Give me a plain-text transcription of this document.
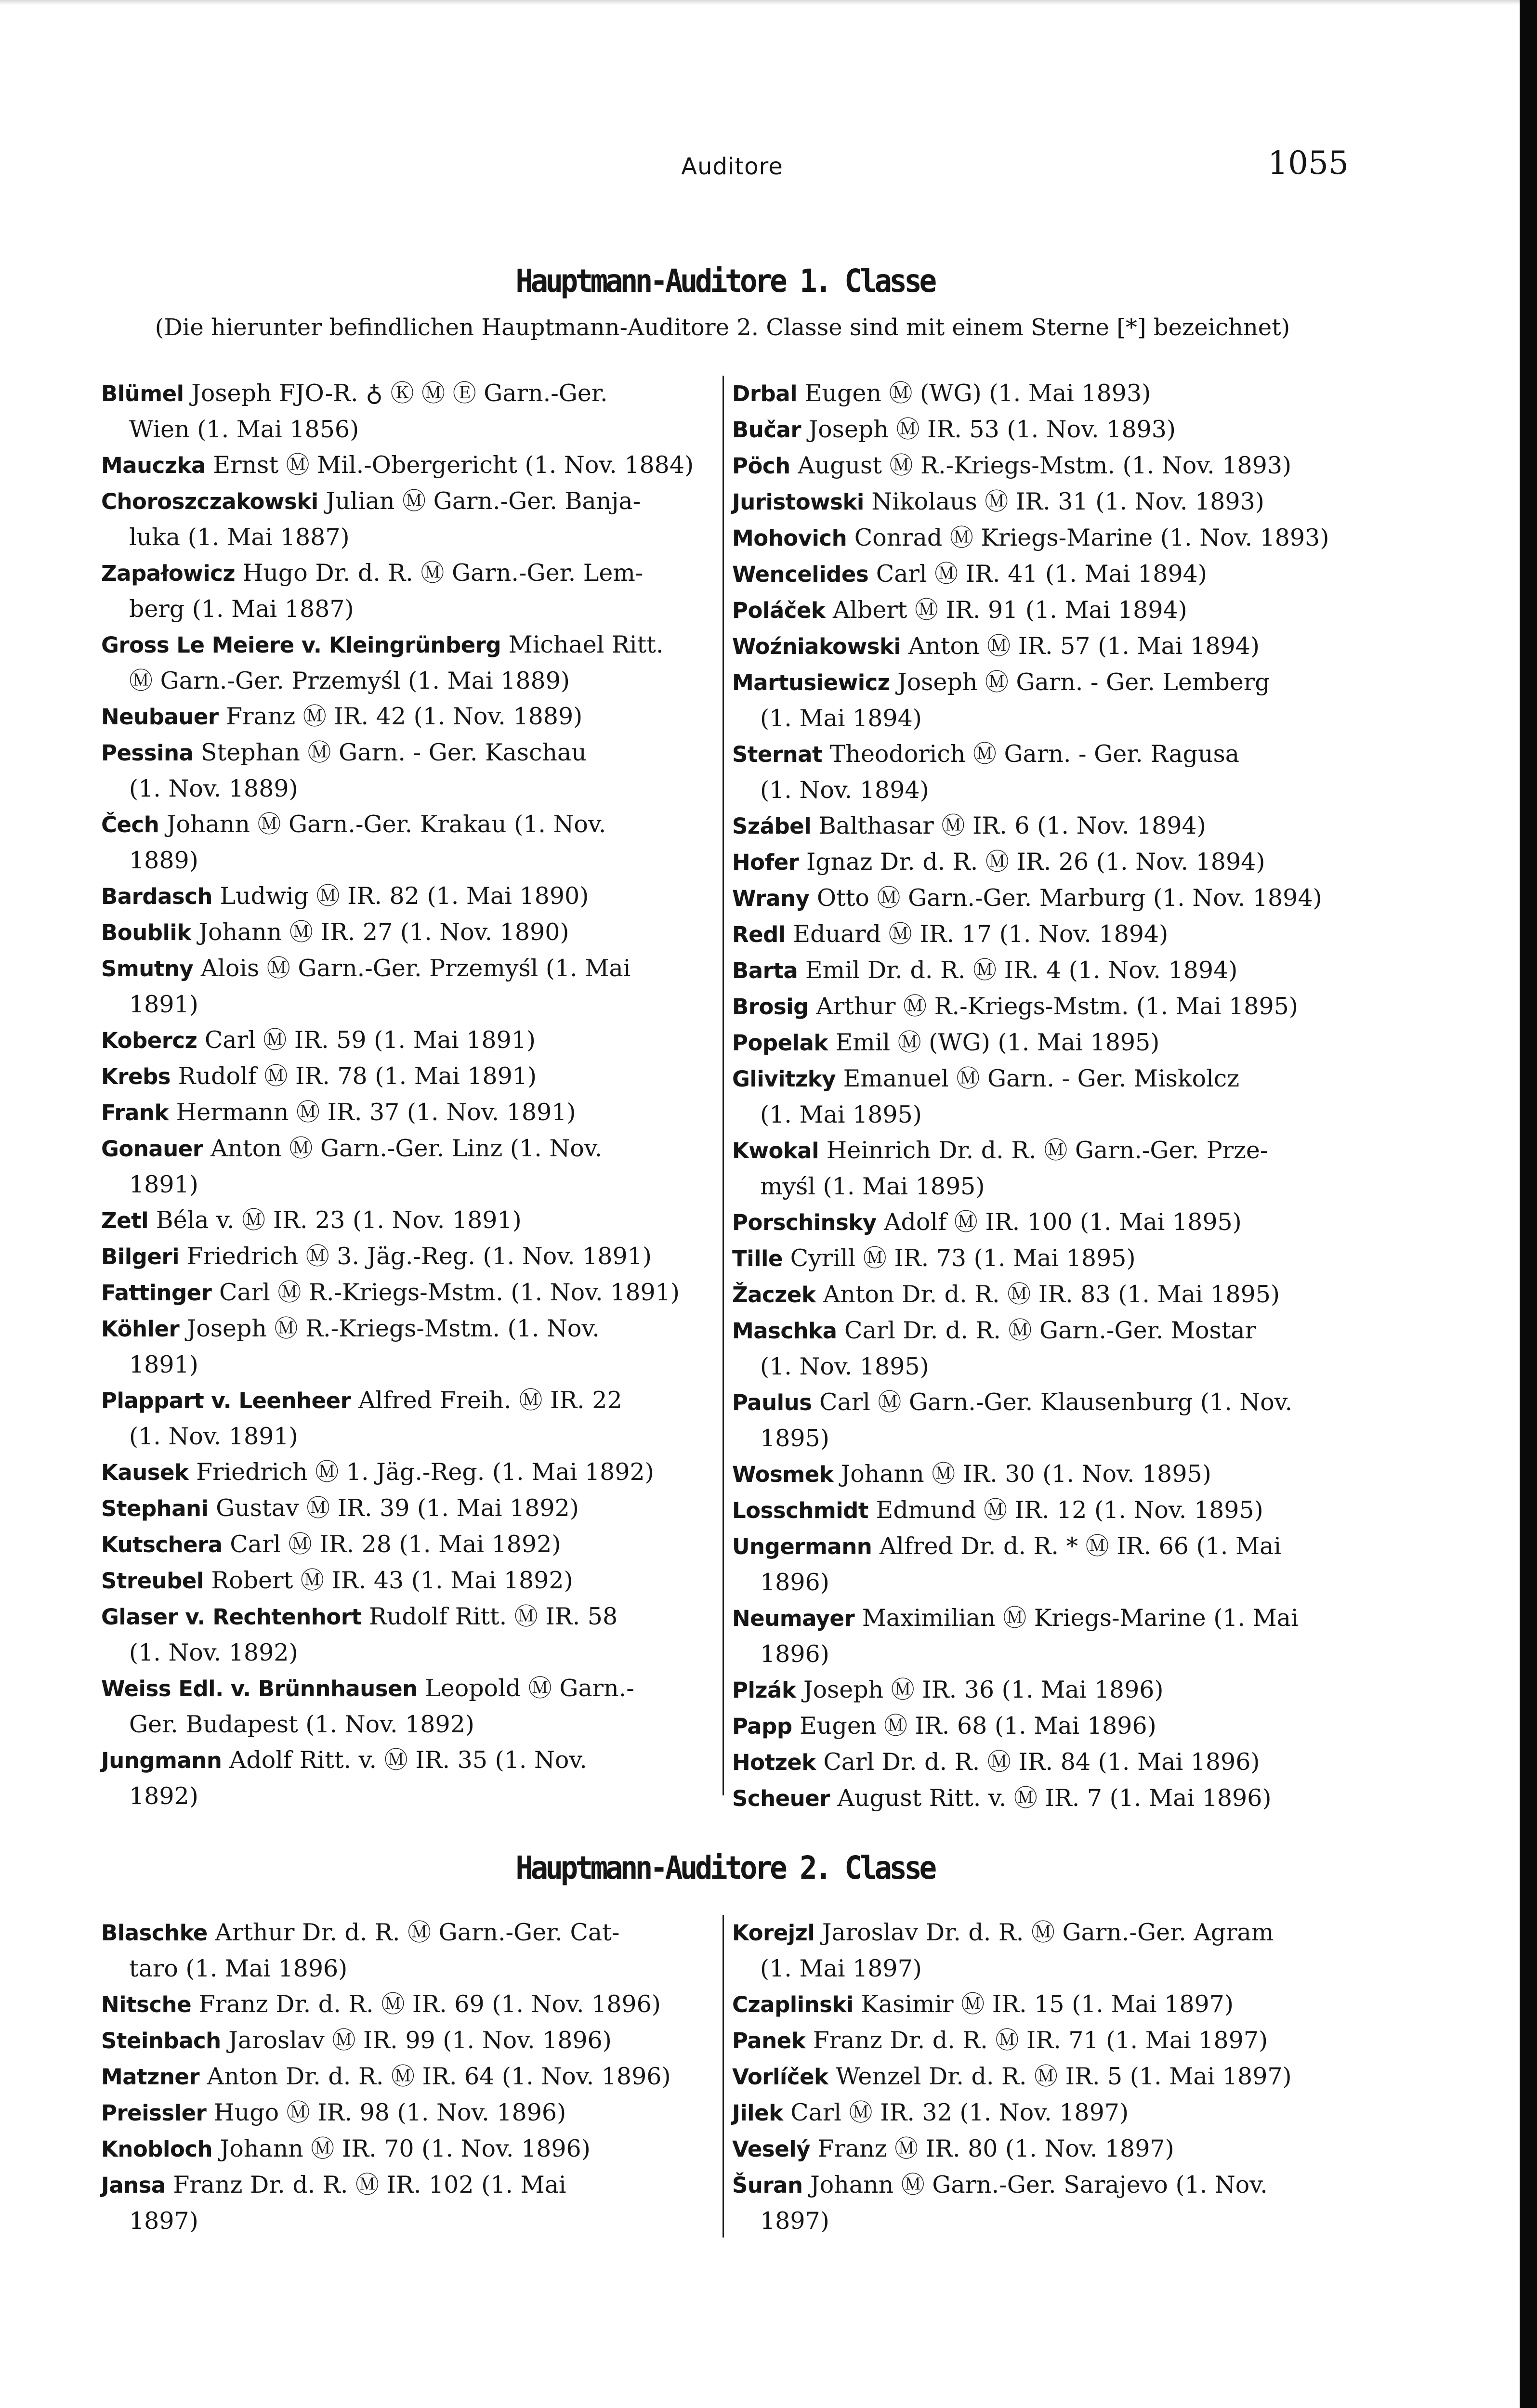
Auditore	1055
Hauptmann-Auditore 1. Classe
(Die hierunter befindlichen Hauptmann-Auditore 2. Classe sind mit einem Sterne [*] bezeichnet)

Blümel Joseph FJO-R. ♁ Ⓚ Ⓜ Ⓔ Garn.-Ger.
Wien (1. Mai 1856)

Mauczka Ernst Ⓜ Mil.-Obergericht (1. Nov. 1884)

Choroszczakowski Julian Ⓜ Garn.-Ger. Banja-
luka (1. Mai 1887)

Zapałowicz Hugo Dr. d. R. Ⓜ Garn.-Ger. Lem-
berg (1. Mai 1887)

Gross Le Meiere v. Kleingrünberg Michael Ritt.
Ⓜ Garn.-Ger. Przemyśl (1. Mai 1889)

Neubauer Franz Ⓜ IR. 42 (1. Nov. 1889)

Pessina Stephan Ⓜ Garn. - Ger. Kaschau
(1. Nov. 1889)

Čech Johann Ⓜ Garn.-Ger. Krakau (1. Nov.
1889)

Bardasch Ludwig Ⓜ IR. 82 (1. Mai 1890)

Boublik Johann Ⓜ IR. 27 (1. Nov. 1890)

Smutny Alois Ⓜ Garn.-Ger. Przemyśl (1. Mai
1891)

Kobercz Carl Ⓜ IR. 59 (1. Mai 1891)

Krebs Rudolf Ⓜ IR. 78 (1. Mai 1891)

Frank Hermann Ⓜ IR. 37 (1. Nov. 1891)

Gonauer Anton Ⓜ Garn.-Ger. Linz (1. Nov.
1891)

Zetl Béla v. Ⓜ IR. 23 (1. Nov. 1891)

Bilgeri Friedrich Ⓜ 3. Jäg.-Reg. (1. Nov. 1891)

Fattinger Carl Ⓜ R.-Kriegs-Mstm. (1. Nov. 1891)

Köhler Joseph Ⓜ R.-Kriegs-Mstm. (1. Nov.
1891)

Plappart v. Leenheer Alfred Freih. Ⓜ IR. 22
(1. Nov. 1891)

Kausek Friedrich Ⓜ 1. Jäg.-Reg. (1. Mai 1892)

Stephani Gustav Ⓜ IR. 39 (1. Mai 1892)

Kutschera Carl Ⓜ IR. 28 (1. Mai 1892)

Streubel Robert Ⓜ IR. 43 (1. Mai 1892)

Glaser v. Rechtenhort Rudolf Ritt. Ⓜ IR. 58
(1. Nov. 1892)

Weiss Edl. v. Brünnhausen Leopold Ⓜ Garn.-
Ger. Budapest (1. Nov. 1892)

Jungmann Adolf Ritt. v. Ⓜ IR. 35 (1. Nov.
1892)

Drbal Eugen Ⓜ (WG) (1. Mai 1893)

Bučar Joseph Ⓜ IR. 53 (1. Nov. 1893)

Pöch August Ⓜ R.-Kriegs-Mstm. (1. Nov. 1893)

Juristowski Nikolaus Ⓜ IR. 31 (1. Nov. 1893)

Mohovich Conrad Ⓜ Kriegs-Marine (1. Nov. 1893)

Wencelides Carl Ⓜ IR. 41 (1. Mai 1894)

Poláček Albert Ⓜ IR. 91 (1. Mai 1894)

Woźniakowski Anton Ⓜ IR. 57 (1. Mai 1894)

Martusiewicz Joseph Ⓜ Garn. - Ger. Lemberg
(1. Mai 1894)

Sternat Theodorich Ⓜ Garn. - Ger. Ragusa
(1. Nov. 1894)

Szábel Balthasar Ⓜ IR. 6 (1. Nov. 1894)

Hofer Ignaz Dr. d. R. Ⓜ IR. 26 (1. Nov. 1894)

Wrany Otto Ⓜ Garn.-Ger. Marburg (1. Nov. 1894)

Redl Eduard Ⓜ IR. 17 (1. Nov. 1894)

Barta Emil Dr. d. R. Ⓜ IR. 4 (1. Nov. 1894)

Brosig Arthur Ⓜ R.-Kriegs-Mstm. (1. Mai 1895)

Popelak Emil Ⓜ (WG) (1. Mai 1895)

Glivitzky Emanuel Ⓜ Garn. - Ger. Miskolcz
(1. Mai 1895)

Kwokal Heinrich Dr. d. R. Ⓜ Garn.-Ger. Prze-
myśl (1. Mai 1895)

Porschinsky Adolf Ⓜ IR. 100 (1. Mai 1895)

Tille Cyrill Ⓜ IR. 73 (1. Mai 1895)

Žaczek Anton Dr. d. R. Ⓜ IR. 83 (1. Mai 1895)

Maschka Carl Dr. d. R. Ⓜ Garn.-Ger. Mostar
(1. Nov. 1895)

Paulus Carl Ⓜ Garn.-Ger. Klausenburg (1. Nov.
1895)

Wosmek Johann Ⓜ IR. 30 (1. Nov. 1895)

Losschmidt Edmund Ⓜ IR. 12 (1. Nov. 1895)

Ungermann Alfred Dr. d. R. * Ⓜ IR. 66 (1. Mai
1896)

Neumayer Maximilian Ⓜ Kriegs-Marine (1. Mai
1896)

Plzák Joseph Ⓜ IR. 36 (1. Mai 1896)

Papp Eugen Ⓜ IR. 68 (1. Mai 1896)

Hotzek Carl Dr. d. R. Ⓜ IR. 84 (1. Mai 1896)

Scheuer August Ritt. v. Ⓜ IR. 7 (1. Mai 1896)

Hauptmann-Auditore 2. Classe

Blaschke Arthur Dr. d. R. Ⓜ Garn.-Ger. Cat-
taro (1. Mai 1896)

Nitsche Franz Dr. d. R. Ⓜ IR. 69 (1. Nov. 1896)

Steinbach Jaroslav Ⓜ IR. 99 (1. Nov. 1896)

Matzner Anton Dr. d. R. Ⓜ IR. 64 (1. Nov. 1896)

Preissler Hugo Ⓜ IR. 98 (1. Nov. 1896)

Knobloch Johann Ⓜ IR. 70 (1. Nov. 1896)

Jansa Franz Dr. d. R. Ⓜ IR. 102 (1. Mai
1897)

Korejzl Jaroslav Dr. d. R. Ⓜ Garn.-Ger. Agram
(1. Mai 1897)

Czaplinski Kasimir Ⓜ IR. 15 (1. Mai 1897)

Panek Franz Dr. d. R. Ⓜ IR. 71 (1. Mai 1897)

Vorlíček Wenzel Dr. d. R. Ⓜ IR. 5 (1. Mai 1897)

Jilek Carl Ⓜ IR. 32 (1. Nov. 1897)

Veselý Franz Ⓜ IR. 80 (1. Nov. 1897)

Šuran Johann Ⓜ Garn.-Ger. Sarajevo (1. Nov.
1897)
